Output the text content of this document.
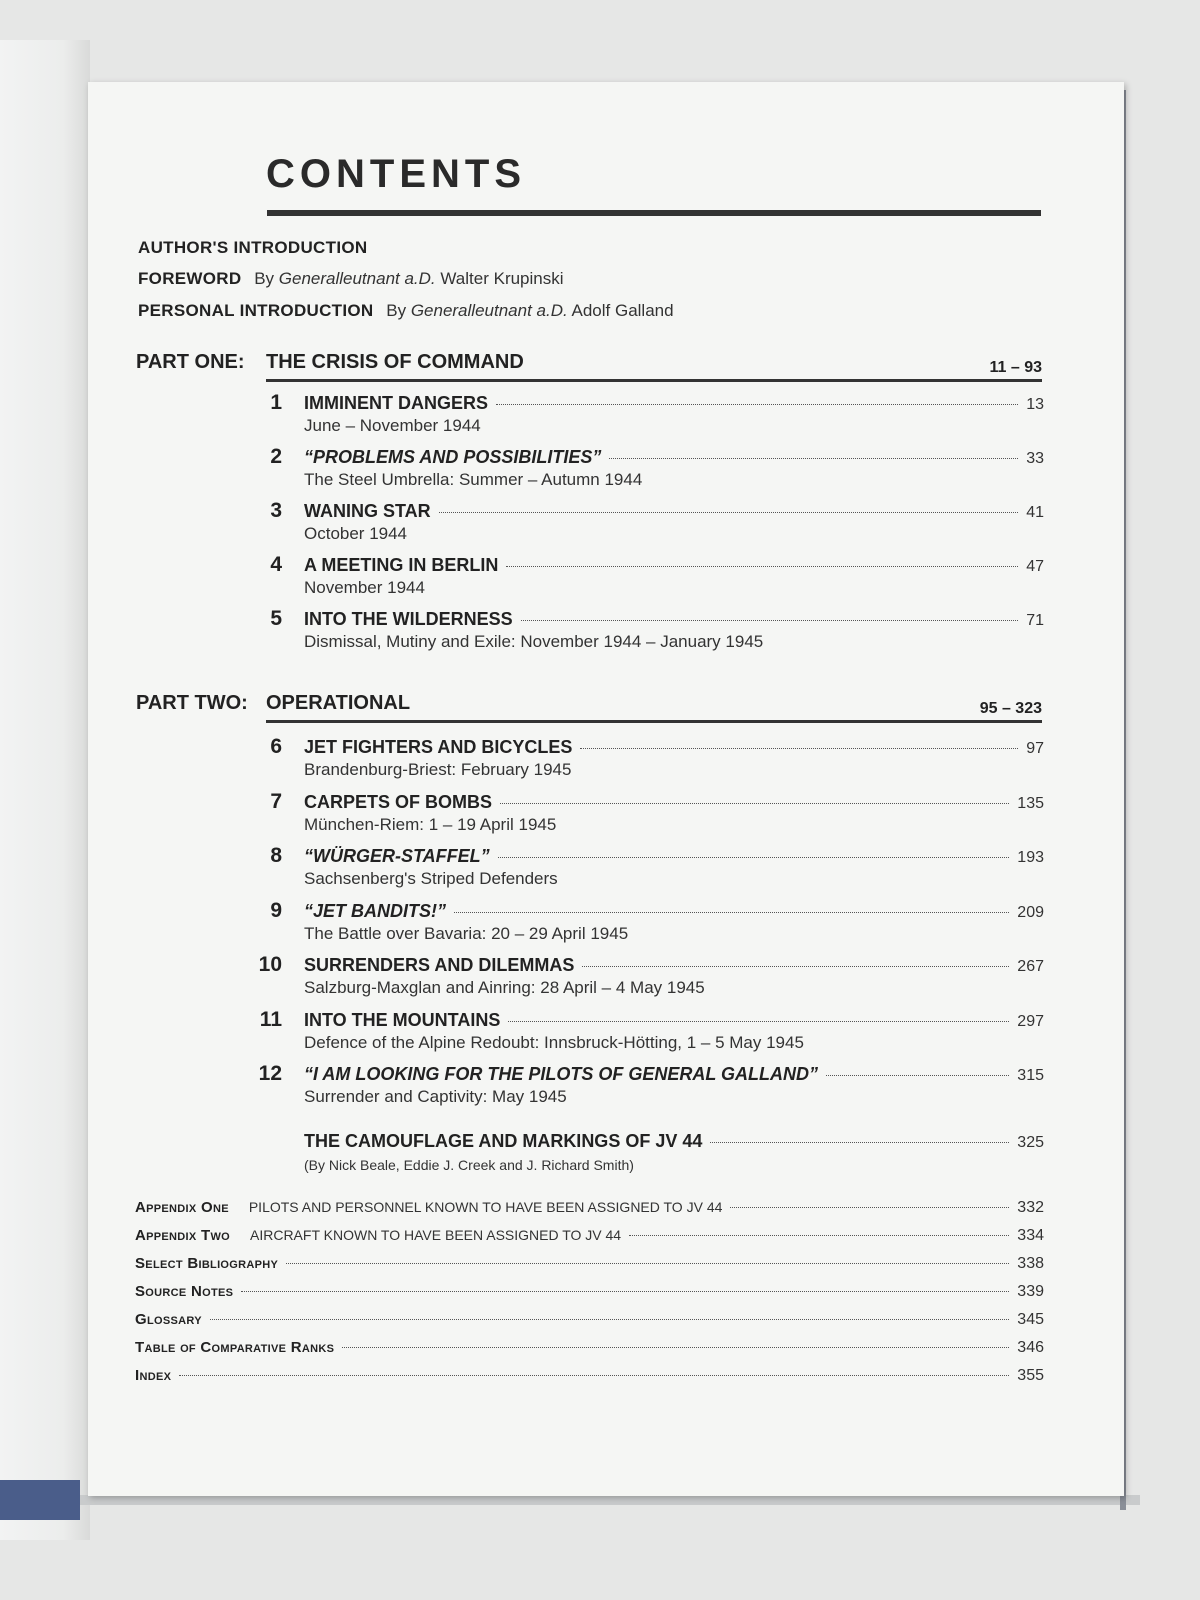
CONTENTS
AUTHOR'S INTRODUCTION
FOREWORD By Generalleutnant a.D. Walter Krupinski
PERSONAL INTRODUCTION By Generalleutnant a.D. Adolf Galland
PART ONE: THE CRISIS OF COMMAND	11 – 93
1 IMMINENT DANGERS	13
June – November 1944
2 “PROBLEMS AND POSSIBILITIES”	33
The Steel Umbrella: Summer – Autumn 1944
3 WANING STAR	41
October 1944
4 A MEETING IN BERLIN	47
November 1944
5 INTO THE WILDERNESS	71
Dismissal, Mutiny and Exile: November 1944 – January 1945
PART TWO: OPERATIONAL	95 – 323
6 JET FIGHTERS AND BICYCLES	97
Brandenburg-Briest: February 1945
7 CARPETS OF BOMBS	135
München-Riem: 1 – 19 April 1945
8 “WÜRGER-STAFFEL”	193
Sachsenberg's Striped Defenders
9 “JET BANDITS!”	209
The Battle over Bavaria: 20 – 29 April 1945
10 SURRENDERS AND DILEMMAS	267
Salzburg-Maxglan and Ainring: 28 April – 4 May 1945
11 INTO THE MOUNTAINS	297
Defence of the Alpine Redoubt: Innsbruck-Hötting, 1 – 5 May 1945
12 “I AM LOOKING FOR THE PILOTS OF GENERAL GALLAND”	315
Surrender and Captivity: May 1945
THE CAMOUFLAGE AND MARKINGS OF JV 44	325
(By Nick Beale, Eddie J. Creek and J. Richard Smith)
Appendix One PILOTS AND PERSONNEL KNOWN TO HAVE BEEN ASSIGNED TO JV 44	332
Appendix Two AIRCRAFT KNOWN TO HAVE BEEN ASSIGNED TO JV 44	334
Select Bibliography	338
Source Notes	339
Glossary	345
Table of Comparative Ranks	346
Index	355
